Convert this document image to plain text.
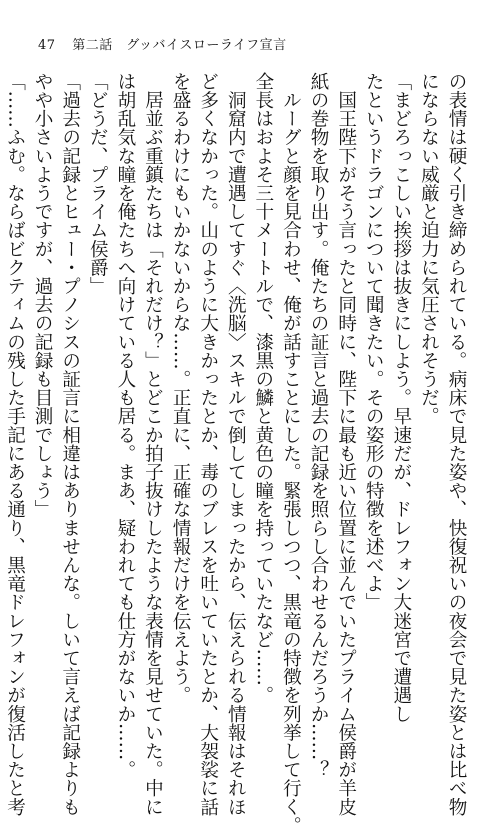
47 第二話　グッバイスローライフ宣言

の表情は硬く引き締められている。病床で見た姿や、快復祝いの夜会で見た姿とは比べ物

にならない威厳と迫力に気圧されそうだ。

「まどろっこしい挨拶は抜きにしよう。早速だが、ドレフォン大迷宮で遭遇し

たというドラゴンについて聞きたい。その姿形の特徴を述べよ」

　国王陛下がそう言ったと同時に、陛下に最も近い位置に並んでいたプライム侯爵が羊皮

紙の巻物を取り出す。俺たちの証言と過去の記録を照らし合わせるんだろうか……？

　ルーグと顔を見合わせ、俺が話すことにした。緊張しつつ、黒竜の特徴を列挙して行く。

全長はおよそ三十メートルで、漆黒の鱗と黄色の瞳を持っていたなど……。

　洞窟内で遭遇してすぐ〈洗脳〉スキルで倒してしまったから、伝えられる情報はそれほ

ど多くなかった。山のように大きかったとか、毒のブレスを吐いていたとか、大袈裟に話

を盛るわけにもいかないからな……。正直に、正確な情報だけを伝えよう。

　居並ぶ重鎮たちは「それだけ？」とどこか拍子抜けしたような表情を見せていた。中に

は胡乱気な瞳を俺たちへ向けている人も居る。まあ、疑われても仕方がないか……。

「どうだ、プライム侯爵」

「過去の記録とヒュー・プノシスの証言に相違はありませんな。しいて言えば記録よりも

やや小さいようですが、過去の記録も目測でしょう」

「……ふむ。ならばビクティムの残した手記にある通り、黒竜ドレフォンが復活したと考
